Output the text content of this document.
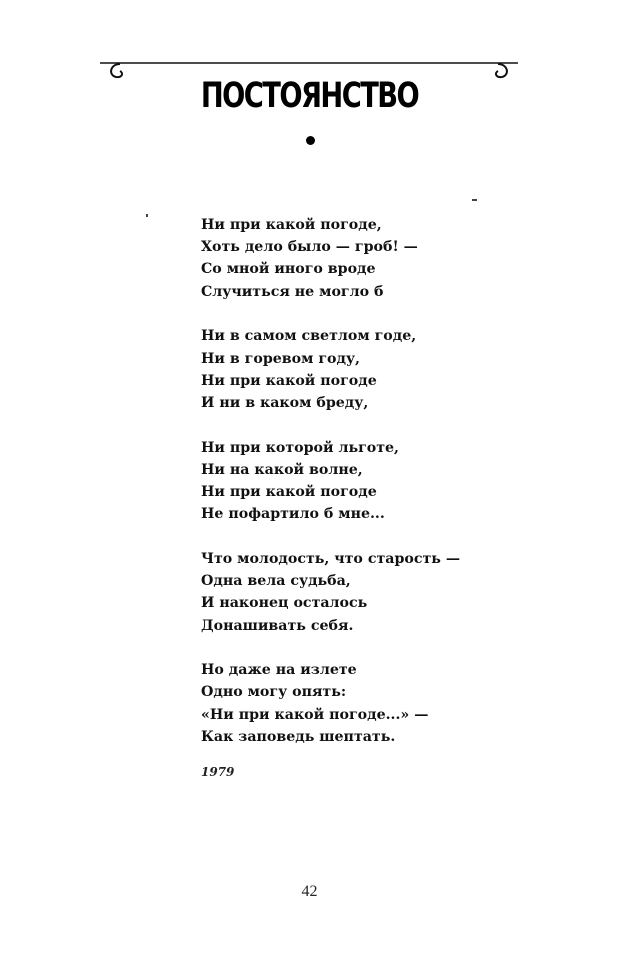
ПОСТОЯНСТВО
Ни при какой погоде,
Хоть дело было — гроб! —
Со мной иного вроде
Случиться не могло б
Ни в самом светлом годе,
Ни в горевом году,
Ни при какой погоде
И ни в каком бреду,
Ни при которой льготе,
Ни на какой волне,
Ни при какой погоде
Не пофартило б мне...
Что молодость, что старость —
Одна вела судьба,
И наконец осталось
Донашивать себя.
Но даже на излете
Одно могу опять:
«Ни при какой погоде...» —
Как заповедь шептать.
1979
42
